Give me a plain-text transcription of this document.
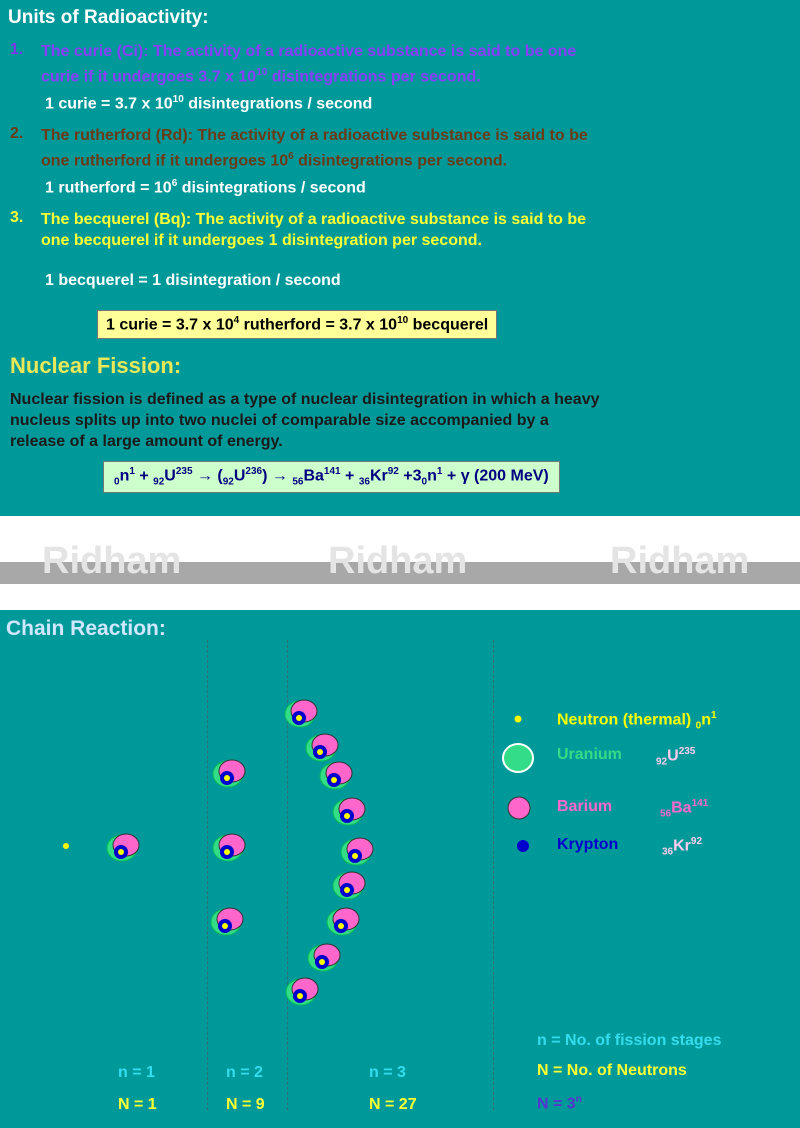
Units of Radioactivity:
1. The curie (Ci): The activity of a radioactive substance is said to be one
curie if it undergoes 3.7 x $10^{10}$ disintegrations per second.
1 curie = 3.7 x $10^{10}$ disintegrations / second
2. The rutherford (Rd): The activity of a radioactive substance is said to be
one rutherford if it undergoes $10^6$ disintegrations per second.
1 rutherford = $10^6$ disintegrations / second
3. The becquerel (Bq): The activity of a radioactive substance is said to be
one becquerel if it undergoes 1 disintegration per second.
1 becquerel = 1 disintegration / second
1 curie = 3.7 x $10^4$ rutherford = 3.7 x $10^{10}$ becquerel
Nuclear Fission:
Nuclear fission is defined as a type of nuclear disintegration in which a heavy
nucleus splits up into two nuclei of comparable size accompanied by a
release of a large amount of energy.
$_0n^1 + _{92}U^{235} \to (_{92}U^{236}) \to _{56}Ba^{141} + _{36}Kr^{92} +3_0n^1 + \gamma$ (200 MeV)
Ridham	Ridham	Ridham
Chain Reaction:
Neutron (thermal) $_0n^1$
Uranium	$_{92}U^{235}$
Barium	$_{56}Ba^{141}$
Krypton	$_{36}Kr^{92}$
n = 1
N = 1
n = 2
N = 9
n = 3
N = 27
n = No. of fission stages
N = No. of Neutrons
$N = 3^n$
